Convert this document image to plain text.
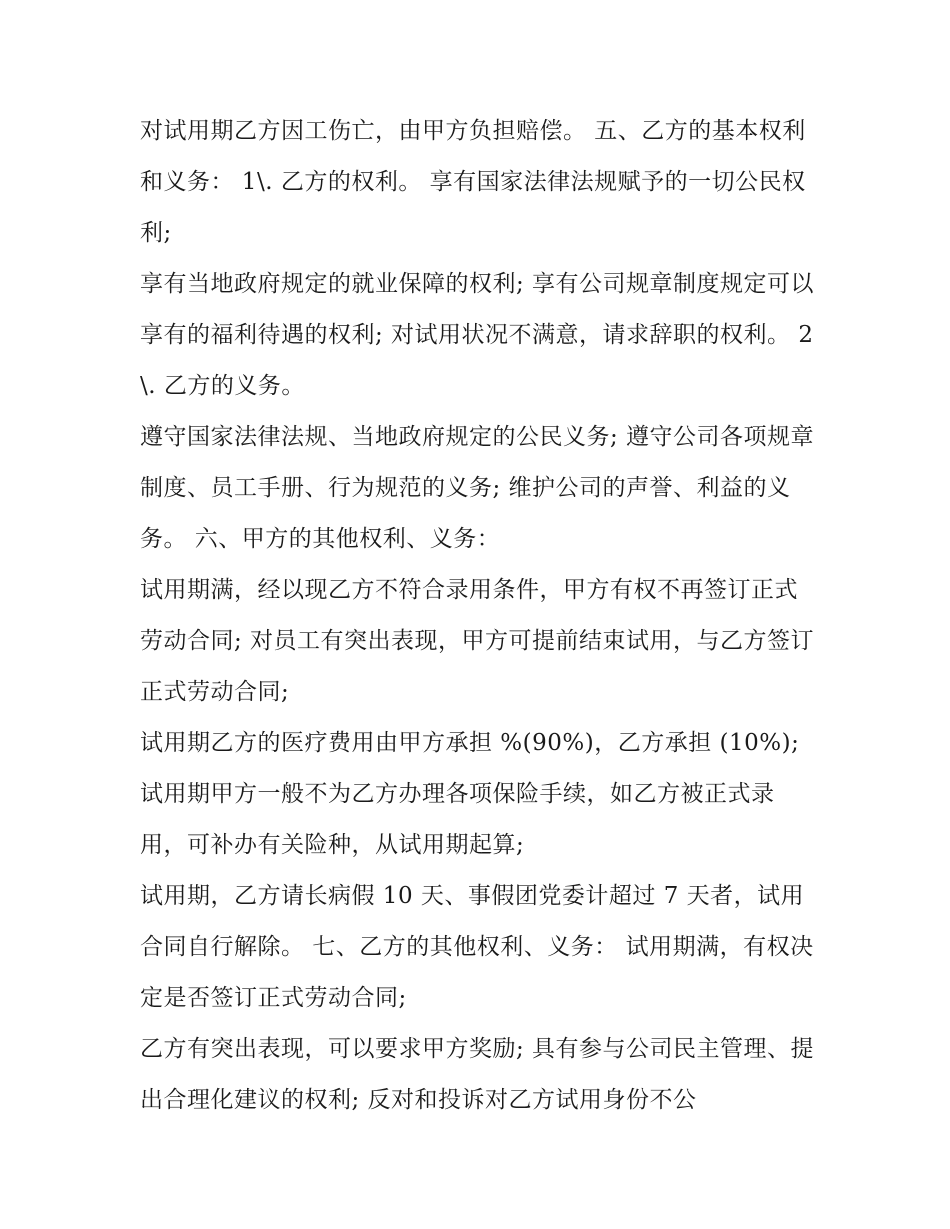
对试用期乙方因工伤亡，由甲方负担赔偿。 五、乙方的基本权利和义务： 1\. 乙方的权利。 享有国家法律法规赋予的一切公民权利;

享有当地政府规定的就业保障的权利; 享有公司规章制度规定可以享有的福利待遇的权利; 对试用状况不满意，请求辞职的权利。 2\. 乙方的义务。

遵守国家法律法规、当地政府规定的公民义务; 遵守公司各项规章制度、员工手册、行为规范的义务; 维护公司的声誉、利益的义务。 六、甲方的其他权利、义务：

试用期满，经以现乙方不符合录用条件，甲方有权不再签订正式劳动合同; 对员工有突出表现，甲方可提前结束试用，与乙方签订正式劳动合同;

试用期乙方的医疗费用由甲方承担 %(90%)，乙方承担 (10%); 试用期甲方一般不为乙方办理各项保险手续，如乙方被正式录用，可补办有关险种，从试用期起算;

试用期，乙方请长病假 10 天、事假团党委计超过 7 天者，试用合同自行解除。 七、乙方的其他权利、义务： 试用期满，有权决定是否签订正式劳动合同;

乙方有突出表现，可以要求甲方奖励; 具有参与公司民主管理、提出合理化建议的权利; 反对和投诉对乙方试用身份不公
